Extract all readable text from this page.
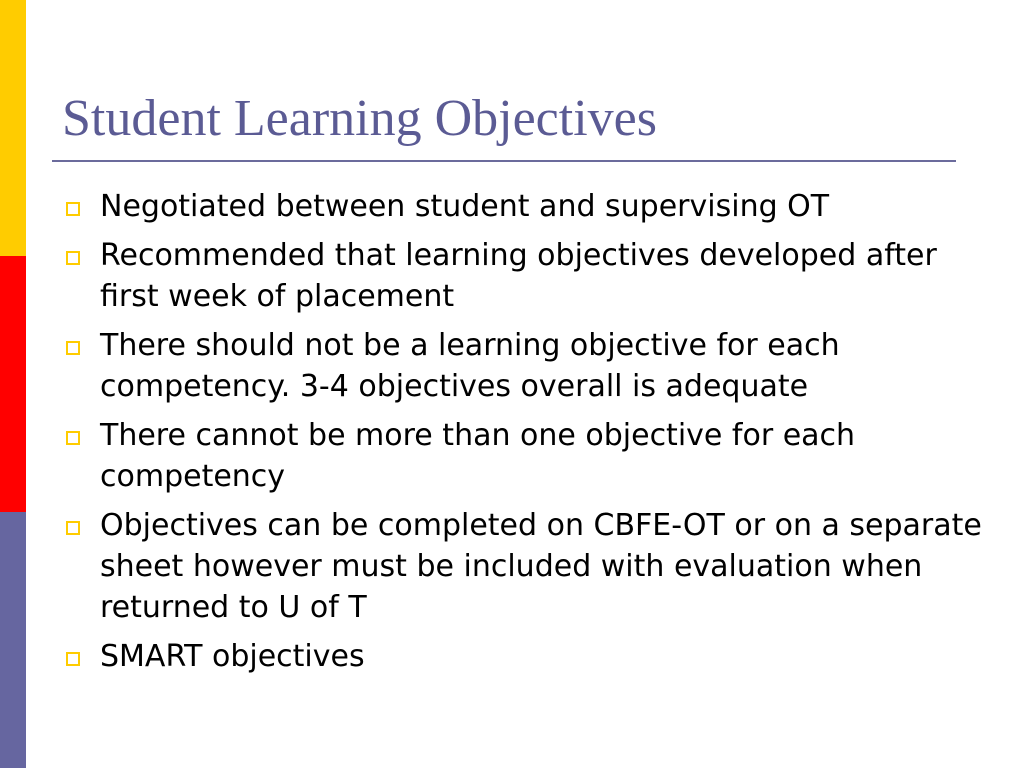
Student Learning Objectives
Negotiated between student and supervising OT
Recommended that learning objectives developed after first week of placement
There should not be a learning objective for each competency. 3-4 objectives overall is adequate
There cannot be more than one objective for each competency
Objectives can be completed on CBFE-OT or on a separate sheet however must be included with evaluation when returned to U of T
SMART objectives
